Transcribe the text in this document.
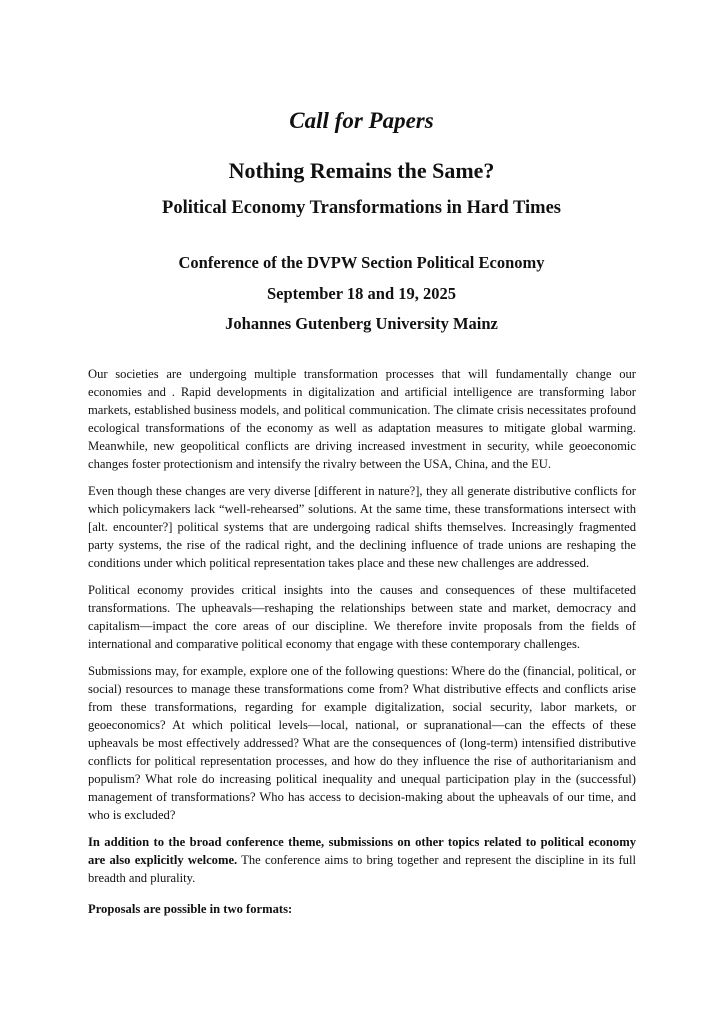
Call for Papers
Nothing Remains the Same?
Political Economy Transformations in Hard Times
Conference of the DVPW Section Political Economy
September 18 and 19, 2025
Johannes Gutenberg University Mainz

Our societies are undergoing multiple transformation processes that will fundamentally change our economies and . Rapid developments in digitalization and artificial intelligence are transforming labor markets, established business models, and political communication. The climate crisis necessitates profound ecological transformations of the economy as well as adaptation measures to mitigate global warming. Meanwhile, new geopolitical conflicts are driving increased investment in security, while geoeconomic changes foster protectionism and intensify the rivalry between the USA, China, and the EU.

Even though these changes are very diverse [different in nature?], they all generate distributive conflicts for which policymakers lack “well-rehearsed” solutions. At the same time, these transformations intersect with [alt. encounter?] political systems that are undergoing radical shifts themselves. Increasingly fragmented party systems, the rise of the radical right, and the declining influence of trade unions are reshaping the conditions under which political representation takes place and these new challenges are addressed.

Political economy provides critical insights into the causes and consequences of these multifaceted transformations. The upheavals—reshaping the relationships between state and market, democracy and capitalism—impact the core areas of our discipline. We therefore invite proposals from the fields of international and comparative political economy that engage with these contemporary challenges.

Submissions may, for example, explore one of the following questions: Where do the (financial, political, or social) resources to manage these transformations come from? What distributive effects and conflicts arise from these transformations, regarding for example digitalization, social security, labor markets, or geoeconomics? At which political levels—local, national, or supranational—can the effects of these upheavals be most effectively addressed? What are the consequences of (long-term) intensified distributive conflicts for political representation processes, and how do they influence the rise of authoritarianism and populism? What role do increasing political inequality and unequal participation play in the (successful) management of transformations? Who has access to decision-making about the upheavals of our time, and who is excluded?

In addition to the broad conference theme, submissions on other topics related to political economy are also explicitly welcome. The conference aims to bring together and represent the discipline in its full breadth and plurality.

Proposals are possible in two formats:
